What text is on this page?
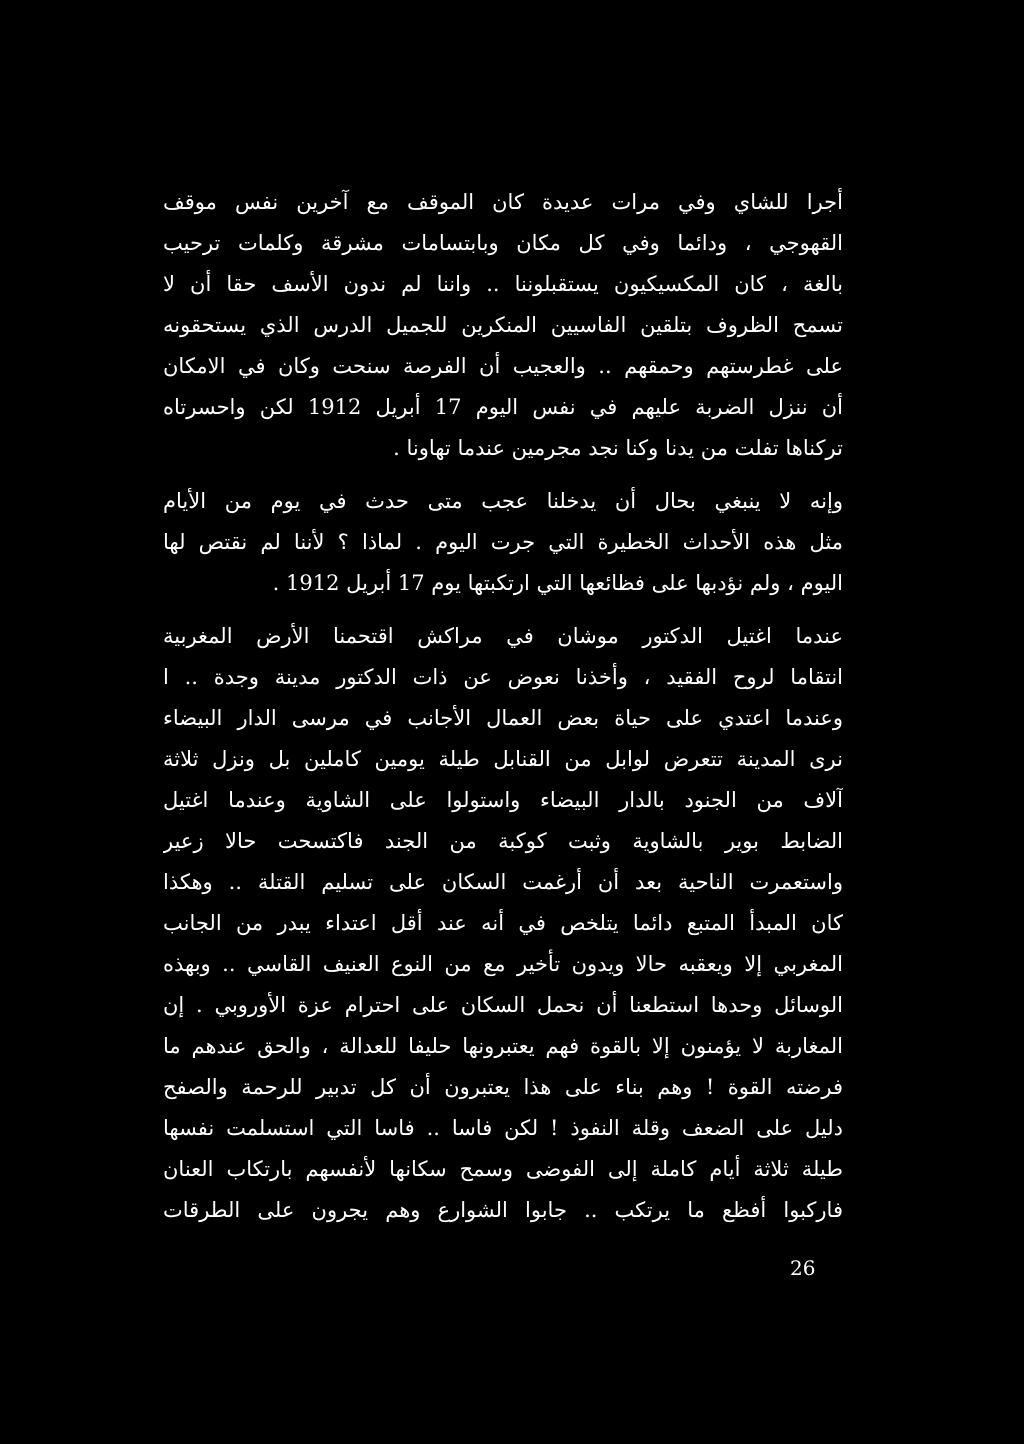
أجرا للشاي وفي مرات عديدة كان الموقف مع آخرين نفس موقف
القهوجي ، ودائما وفي كل مكان وبابتسامات مشرقة وكلمات ترحيب
بالغة ، كان المكسيكيون يستقبلوننا .. واننا لم ندون الأسف حقا أن لا
تسمح الظروف بتلقين الفاسيين المنكرين للجميل الدرس الذي يستحقونه
على غطرستهم وحمقهم .. والعجيب أن الفرصة سنحت وكان في الامكان
أن ننزل الضربة عليهم في نفس اليوم 17 أبريل 1912 لكن واحسرتاه
تركناها تفلت من يدنا وكنا نجد مجرمين عندما تهاونا .
وإنه لا ينبغي بحال أن يدخلنا عجب متى حدث في يوم من الأيام
مثل هذه الأحداث الخطيرة التي جرت اليوم . لماذا ؟ لأننا لم نقتص لها
اليوم ، ولم نؤدبها على فظائعها التي ارتكبتها يوم 17 أبريل 1912 .
عندما اغتيل الدكتور موشان في مراكش اقتحمنا الأرض المغربية
انتقاما لروح الفقيد ، وأخذنا نعوض عن ذات الدكتور مدينة وجدة .. ا
وعندما اعتدي على حياة بعض العمال الأجانب في مرسى الدار البيضاء
نرى المدينة تتعرض لوابل من القنابل طيلة يومين كاملين بل ونزل ثلاثة
آلاف من الجنود بالدار البيضاء واستولوا على الشاوية وعندما اغتيل
الضابط بوير بالشاوية وثبت كوكبة من الجند فاكتسحت حالا زعير
واستعمرت الناحية بعد أن أرغمت السكان على تسليم القتلة .. وهكذا
كان المبدأ المتبع دائما يتلخص في أنه عند أقل اعتداء يبدر من الجانب
المغربي إلا ويعقبه حالا ويدون تأخير مع من النوع العنيف القاسي .. وبهذه
الوسائل وحدها استطعنا أن نحمل السكان على احترام عزة الأوروبي . إن
المغاربة لا يؤمنون إلا بالقوة فهم يعتبرونها حليفا للعدالة ، والحق عندهم ما
فرضته القوة ! وهم بناء على هذا يعتبرون أن كل تدبير للرحمة والصفح
دليل على الضعف وقلة النفوذ ! لكن فاسا .. فاسا التي استسلمت نفسها
طيلة ثلاثة أيام كاملة إلى الفوضى وسمح سكانها لأنفسهم بارتكاب العنان
فاركبوا أفظع ما يرتكب .. جابوا الشوارع وهم يجرون على الطرقات
26
